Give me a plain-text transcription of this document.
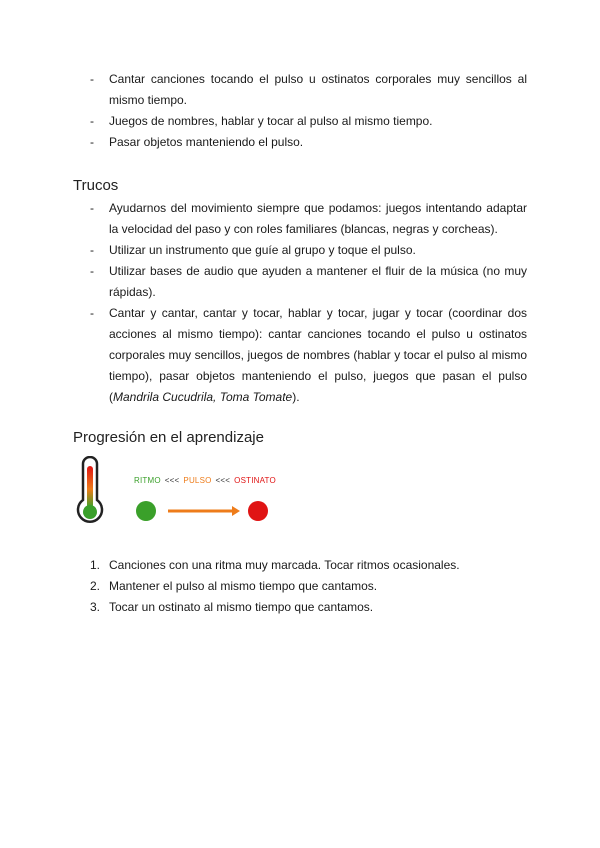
- Cantar canciones tocando el pulso u ostinatos corporales muy sencillos al mismo tiempo.
- Juegos de nombres, hablar y tocar al pulso al mismo tiempo.
- Pasar objetos manteniendo el pulso.
Trucos
- Ayudarnos del movimiento siempre que podamos: juegos intentando adaptar la velocidad del paso y con roles familiares (blancas, negras y corcheas).
- Utilizar un instrumento que guíe al grupo y toque el pulso.
- Utilizar bases de audio que ayuden a mantener el fluir de la música (no muy rápidas).
- Cantar y cantar, cantar y tocar, hablar y tocar, jugar y tocar (coordinar dos acciones al mismo tiempo): cantar canciones tocando el pulso u ostinatos corporales muy sencillos, juegos de nombres (hablar y tocar el pulso al mismo tiempo), pasar objetos manteniendo el pulso, juegos que pasan el pulso (Mandrila Cucudrila, Toma Tomate).
Progresión en el aprendizaje
RITMO <<< PULSO <<< OSTINATO
1. Canciones con una ritma muy marcada. Tocar ritmos ocasionales.
2. Mantener el pulso al mismo tiempo que cantamos.
3. Tocar un ostinato al mismo tiempo que cantamos.
